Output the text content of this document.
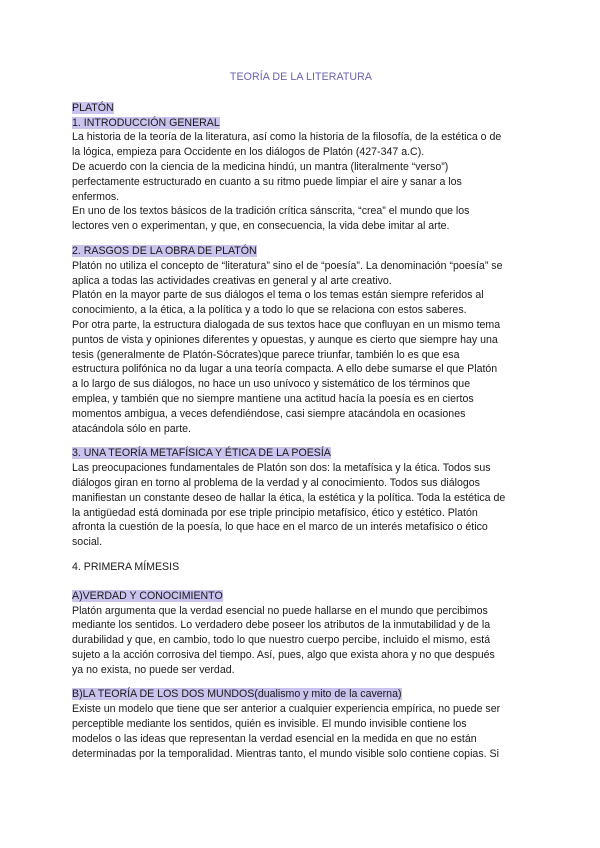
TEORÍA DE LA LITERATURA
PLATÓN
1. INTRODUCCIÓN GENERAL
La historia de la teoría de la literatura, así como la historia de la filosofía, de la estética o de
la lógica, empieza para Occidente en los diálogos de Platón (427-347 a.C).
De acuerdo con la ciencia de la medicina hindú, un mantra (literalmente “verso”)
perfectamente estructurado en cuanto a su ritmo puede limpiar el aire y sanar a los
enfermos.
En uno de los textos básicos de la tradición crítica sánscrita, “crea” el mundo que los
lectores ven o experimentan, y que, en consecuencia, la vida debe imitar al arte.
2. RASGOS DE LA OBRA DE PLATÓN
Platón no utiliza el concepto de “literatura” sino el de “poesía”. La denominación “poesía” se
aplica a todas las actividades creativas en general y al arte creativo.
Platón en la mayor parte de sus diálogos el tema o los temas están siempre referidos al
conocimiento, a la ética, a la política y a todo lo que se relaciona con estos saberes.
Por otra parte, la estructura dialogada de sus textos hace que confluyan en un mismo tema
puntos de vista y opiniones diferentes y opuestas, y aunque es cierto que siempre hay una
tesis (generalmente de Platón-Sócrates)que parece triunfar, también lo es que esa
estructura polifónica no da lugar a una teoría compacta. A ello debe sumarse el que Platón
a lo largo de sus diálogos, no hace un uso unívoco y sistemático de los términos que
emplea, y también que no siempre mantiene una actitud hacía la poesía es en ciertos
momentos ambigua, a veces defendiéndose, casi siempre atacándola en ocasiones
atacándola sólo en parte.
3. UNA TEORÍA METAFÍSICA Y ÉTICA DE LA POESÍA
Las preocupaciones fundamentales de Platón son dos: la metafísica y la ética. Todos sus
diálogos giran en torno al problema de la verdad y al conocimiento. Todos sus diálogos
manifiestan un constante deseo de hallar la ética, la estética y la política. Toda la estética de
la antigüedad está dominada por ese triple principio metafísico, ético y estético. Platón
afronta la cuestión de la poesía, lo que hace en el marco de un interés metafísico o ético
social.
4. PRIMERA MÍMESIS
A)VERDAD Y CONOCIMIENTO
Platón argumenta que la verdad esencial no puede hallarse en el mundo que percibimos
mediante los sentidos. Lo verdadero debe poseer los atributos de la inmutabilidad y de la
durabilidad y que, en cambio, todo lo que nuestro cuerpo percibe, incluido el mismo, está
sujeto a la acción corrosiva del tiempo. Así, pues, algo que exista ahora y no que después
ya no exista, no puede ser verdad.
B)LA TEORÍA DE LOS DOS MUNDOS(dualismo y mito de la caverna)
Existe un modelo que tiene que ser anterior a cualquier experiencia empírica, no puede ser
perceptible mediante los sentidos, quién es invisible. El mundo invisible contiene los
modelos o las ideas que representan la verdad esencial en la medida en que no están
determinadas por la temporalidad. Mientras tanto, el mundo visible solo contiene copias. Si
